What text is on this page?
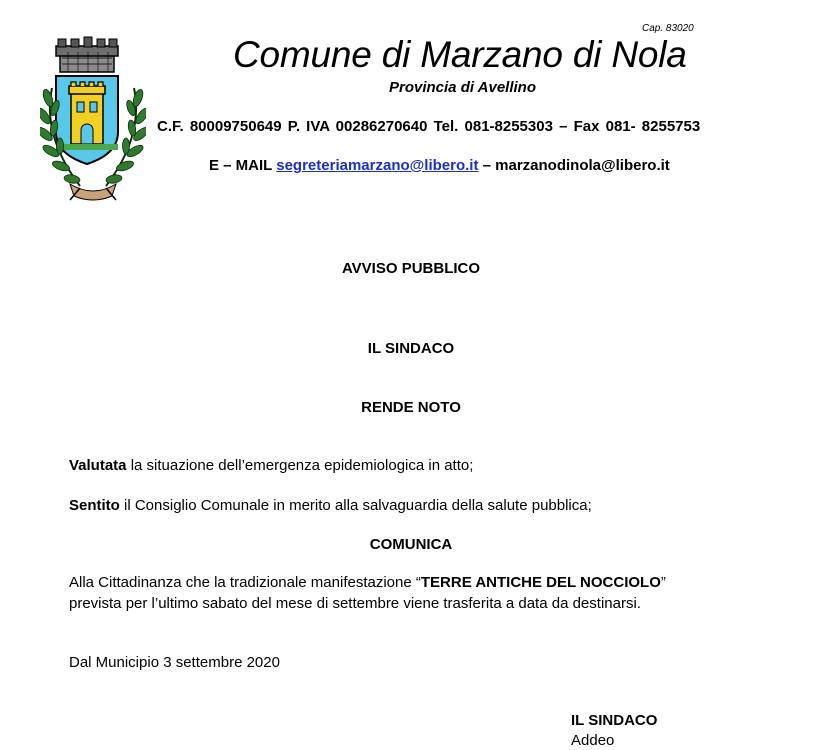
Cap. 83020
Comune di Marzano di Nola
Provincia di Avellino
C.F. 80009750649 P. IVA 00286270640 Tel. 081-8255303 – Fax 081- 8255753
E – MAIL segreteriamarzano@libero.it – marzanodinola@libero.it
AVVISO PUBBLICO
IL SINDACO
RENDE NOTO
Valutata la situazione dell’emergenza epidemiologica in atto;
Sentito il Consiglio Comunale in merito alla salvaguardia della salute pubblica;
COMUNICA
Alla Cittadinanza che la tradizionale manifestazione “TERRE ANTICHE DEL NOCCIOLO”
prevista per l’ultimo sabato del mese di settembre viene trasferita a data da destinarsi.
Dal Municipio 3 settembre 2020
IL SINDACO
Addeo
